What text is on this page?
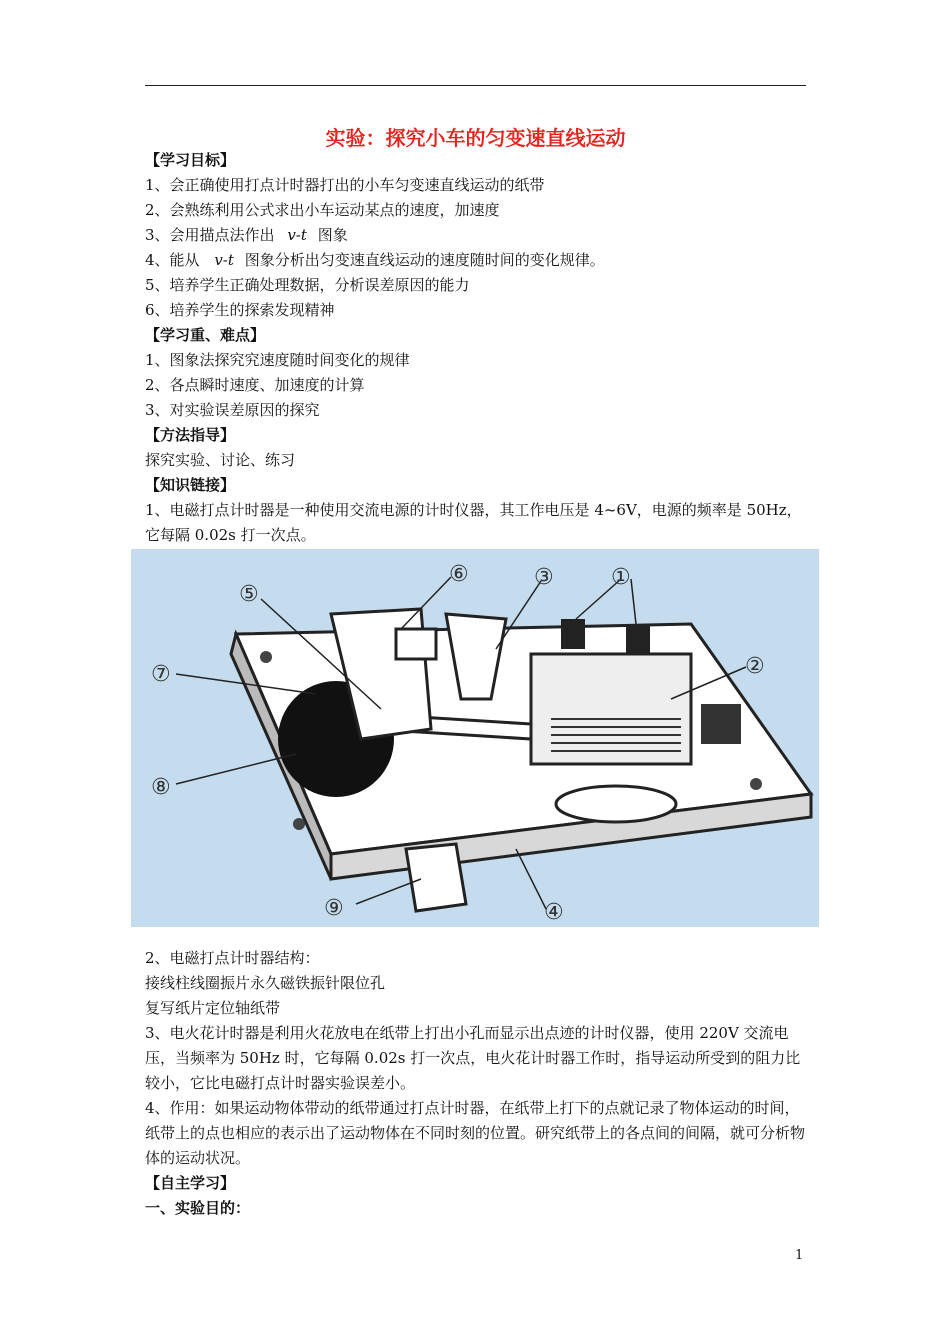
实验：探究小车的匀变速直线运动
【学习目标】
1、会正确使用打点计时器打出的小车匀变速直线运动的纸带
2、会熟练利用公式求出小车运动某点的速度，加速度
3、会用描点法作出 v-t 图象
4、能从 v-t 图象分析出匀变速直线运动的速度随时间的变化规律。
5、培养学生正确处理数据，分析误差原因的能力
6、培养学生的探索发现精神
【学习重、难点】
1、图象法探究究速度随时间变化的规律
2、各点瞬时速度、加速度的计算
3、对实验误差原因的探究
【方法指导】
探究实验、讨论、练习
【知识链接】
1、电磁打点计时器是一种使用交流电源的计时仪器，其工作电压是 4~6V，电源的频率是 50Hz，它每隔 0.02s 打一次点。
⑤
⑥	③	①
⑦	②
⑧
⑨	④
2、电磁打点计时器结构：
接线柱线圈振片永久磁铁振针限位孔
复写纸片定位轴纸带
3、电火花计时器是利用火花放电在纸带上打出小孔而显示出点迹的计时仪器，使用 220V 交流电压，当频率为 50Hz 时，它每隔 0.02s 打一次点，电火花计时器工作时，指导运动所受到的阻力比较小，它比电磁打点计时器实验误差小。
4、作用：如果运动物体带动的纸带通过打点计时器，在纸带上打下的点就记录了物体运动的时间，纸带上的点也相应的表示出了运动物体在不同时刻的位置。研究纸带上的各点间的间隔，就可分析物体的运动状况。
【自主学习】
一、实验目的：
1
